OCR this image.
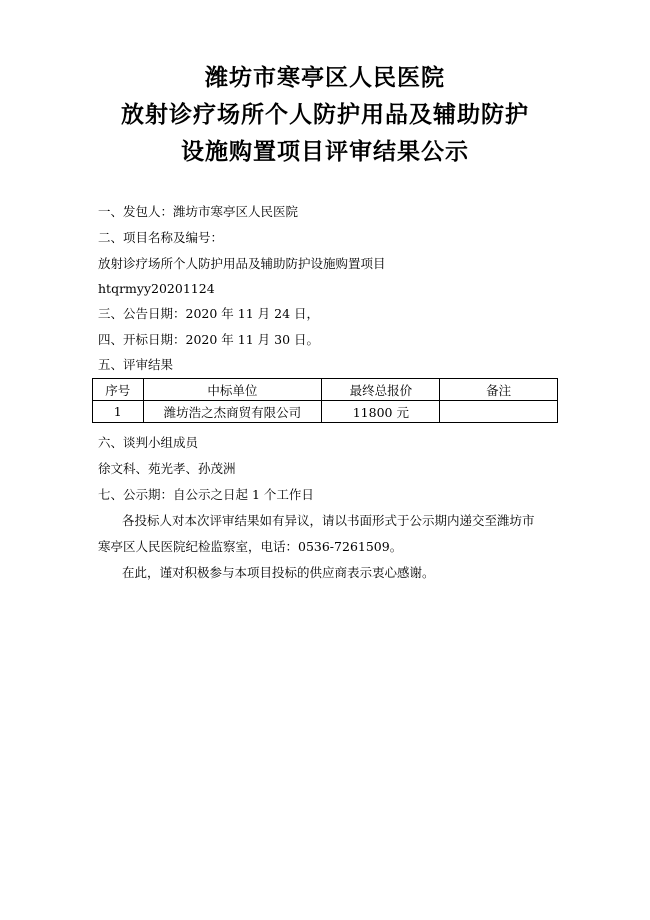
潍坊市寒亭区人民医院
放射诊疗场所个人防护用品及辅助防护
设施购置项目评审结果公示
一、发包人：潍坊市寒亭区人民医院
二、项目名称及编号：
放射诊疗场所个人防护用品及辅助防护设施购置项目
htqrmyy20201124
三、公告日期：2020 年 11 月 24 日，
四、开标日期：2020 年 11 月 30 日。
五、评审结果
序号	中标单位	最终总报价	备注
1	潍坊浩之杰商贸有限公司	11800 元	
六、谈判小组成员
徐文科、苑光孝、孙茂洲
七、公示期：自公示之日起 1 个工作日
各投标人对本次评审结果如有异议，请以书面形式于公示期内递交至潍坊市
寒亭区人民医院纪检监察室，电话：0536-7261509。
在此，谨对积极参与本项目投标的供应商表示衷心感谢。
